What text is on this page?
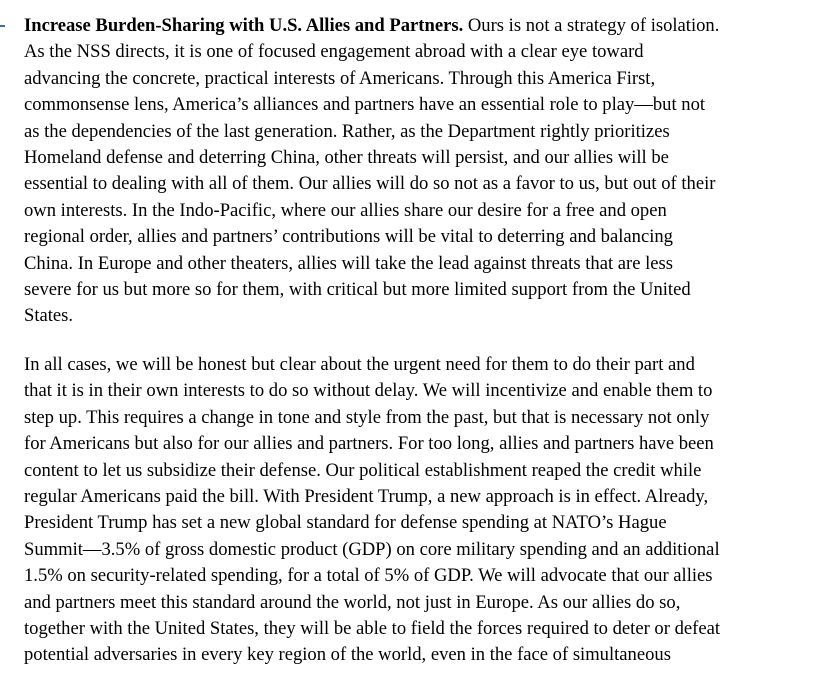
Increase Burden-Sharing with U.S. Allies and Partners. Ours is not a strategy of isolation.
As the NSS directs, it is one of focused engagement abroad with a clear eye toward
advancing the concrete, practical interests of Americans. Through this America First,
commonsense lens, America’s alliances and partners have an essential role to play—but not
as the dependencies of the last generation. Rather, as the Department rightly prioritizes
Homeland defense and deterring China, other threats will persist, and our allies will be
essential to dealing with all of them. Our allies will do so not as a favor to us, but out of their
own interests. In the Indo-Pacific, where our allies share our desire for a free and open
regional order, allies and partners’ contributions will be vital to deterring and balancing
China. In Europe and other theaters, allies will take the lead against threats that are less
severe for us but more so for them, with critical but more limited support from the United
States.
In all cases, we will be honest but clear about the urgent need for them to do their part and
that it is in their own interests to do so without delay. We will incentivize and enable them to
step up. This requires a change in tone and style from the past, but that is necessary not only
for Americans but also for our allies and partners. For too long, allies and partners have been
content to let us subsidize their defense. Our political establishment reaped the credit while
regular Americans paid the bill. With President Trump, a new approach is in effect. Already,
President Trump has set a new global standard for defense spending at NATO’s Hague
Summit—3.5% of gross domestic product (GDP) on core military spending and an additional
1.5% on security-related spending, for a total of 5% of GDP. We will advocate that our allies
and partners meet this standard around the world, not just in Europe. As our allies do so,
together with the United States, they will be able to field the forces required to deter or defeat
potential adversaries in every key region of the world, even in the face of simultaneous
